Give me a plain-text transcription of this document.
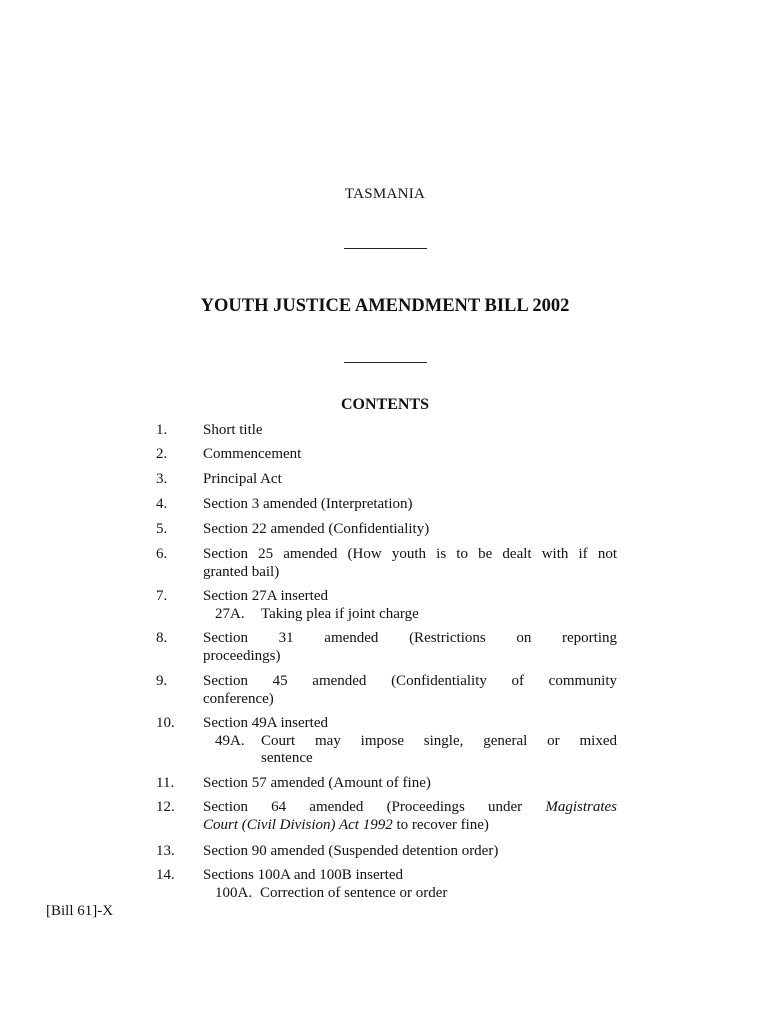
TASMANIA
YOUTH JUSTICE AMENDMENT BILL 2002
CONTENTS
1. Short title
2. Commencement
3. Principal Act
4. Section 3 amended (Interpretation)
5. Section 22 amended (Confidentiality)
6. Section 25 amended (How youth is to be dealt with if not
granted bail)
7. Section 27A inserted
27A. Taking plea if joint charge
8. Section 31 amended (Restrictions on reporting
proceedings)
9. Section 45 amended (Confidentiality of community
conference)
10. Section 49A inserted
49A. Court may impose single, general or mixed
sentence
11. Section 57 amended (Amount of fine)
12. Section 64 amended (Proceedings under Magistrates
Court (Civil Division) Act 1992 to recover fine)
13. Section 90 amended (Suspended detention order)
14. Sections 100A and 100B inserted
100A. Correction of sentence or order
[Bill 61]-X
